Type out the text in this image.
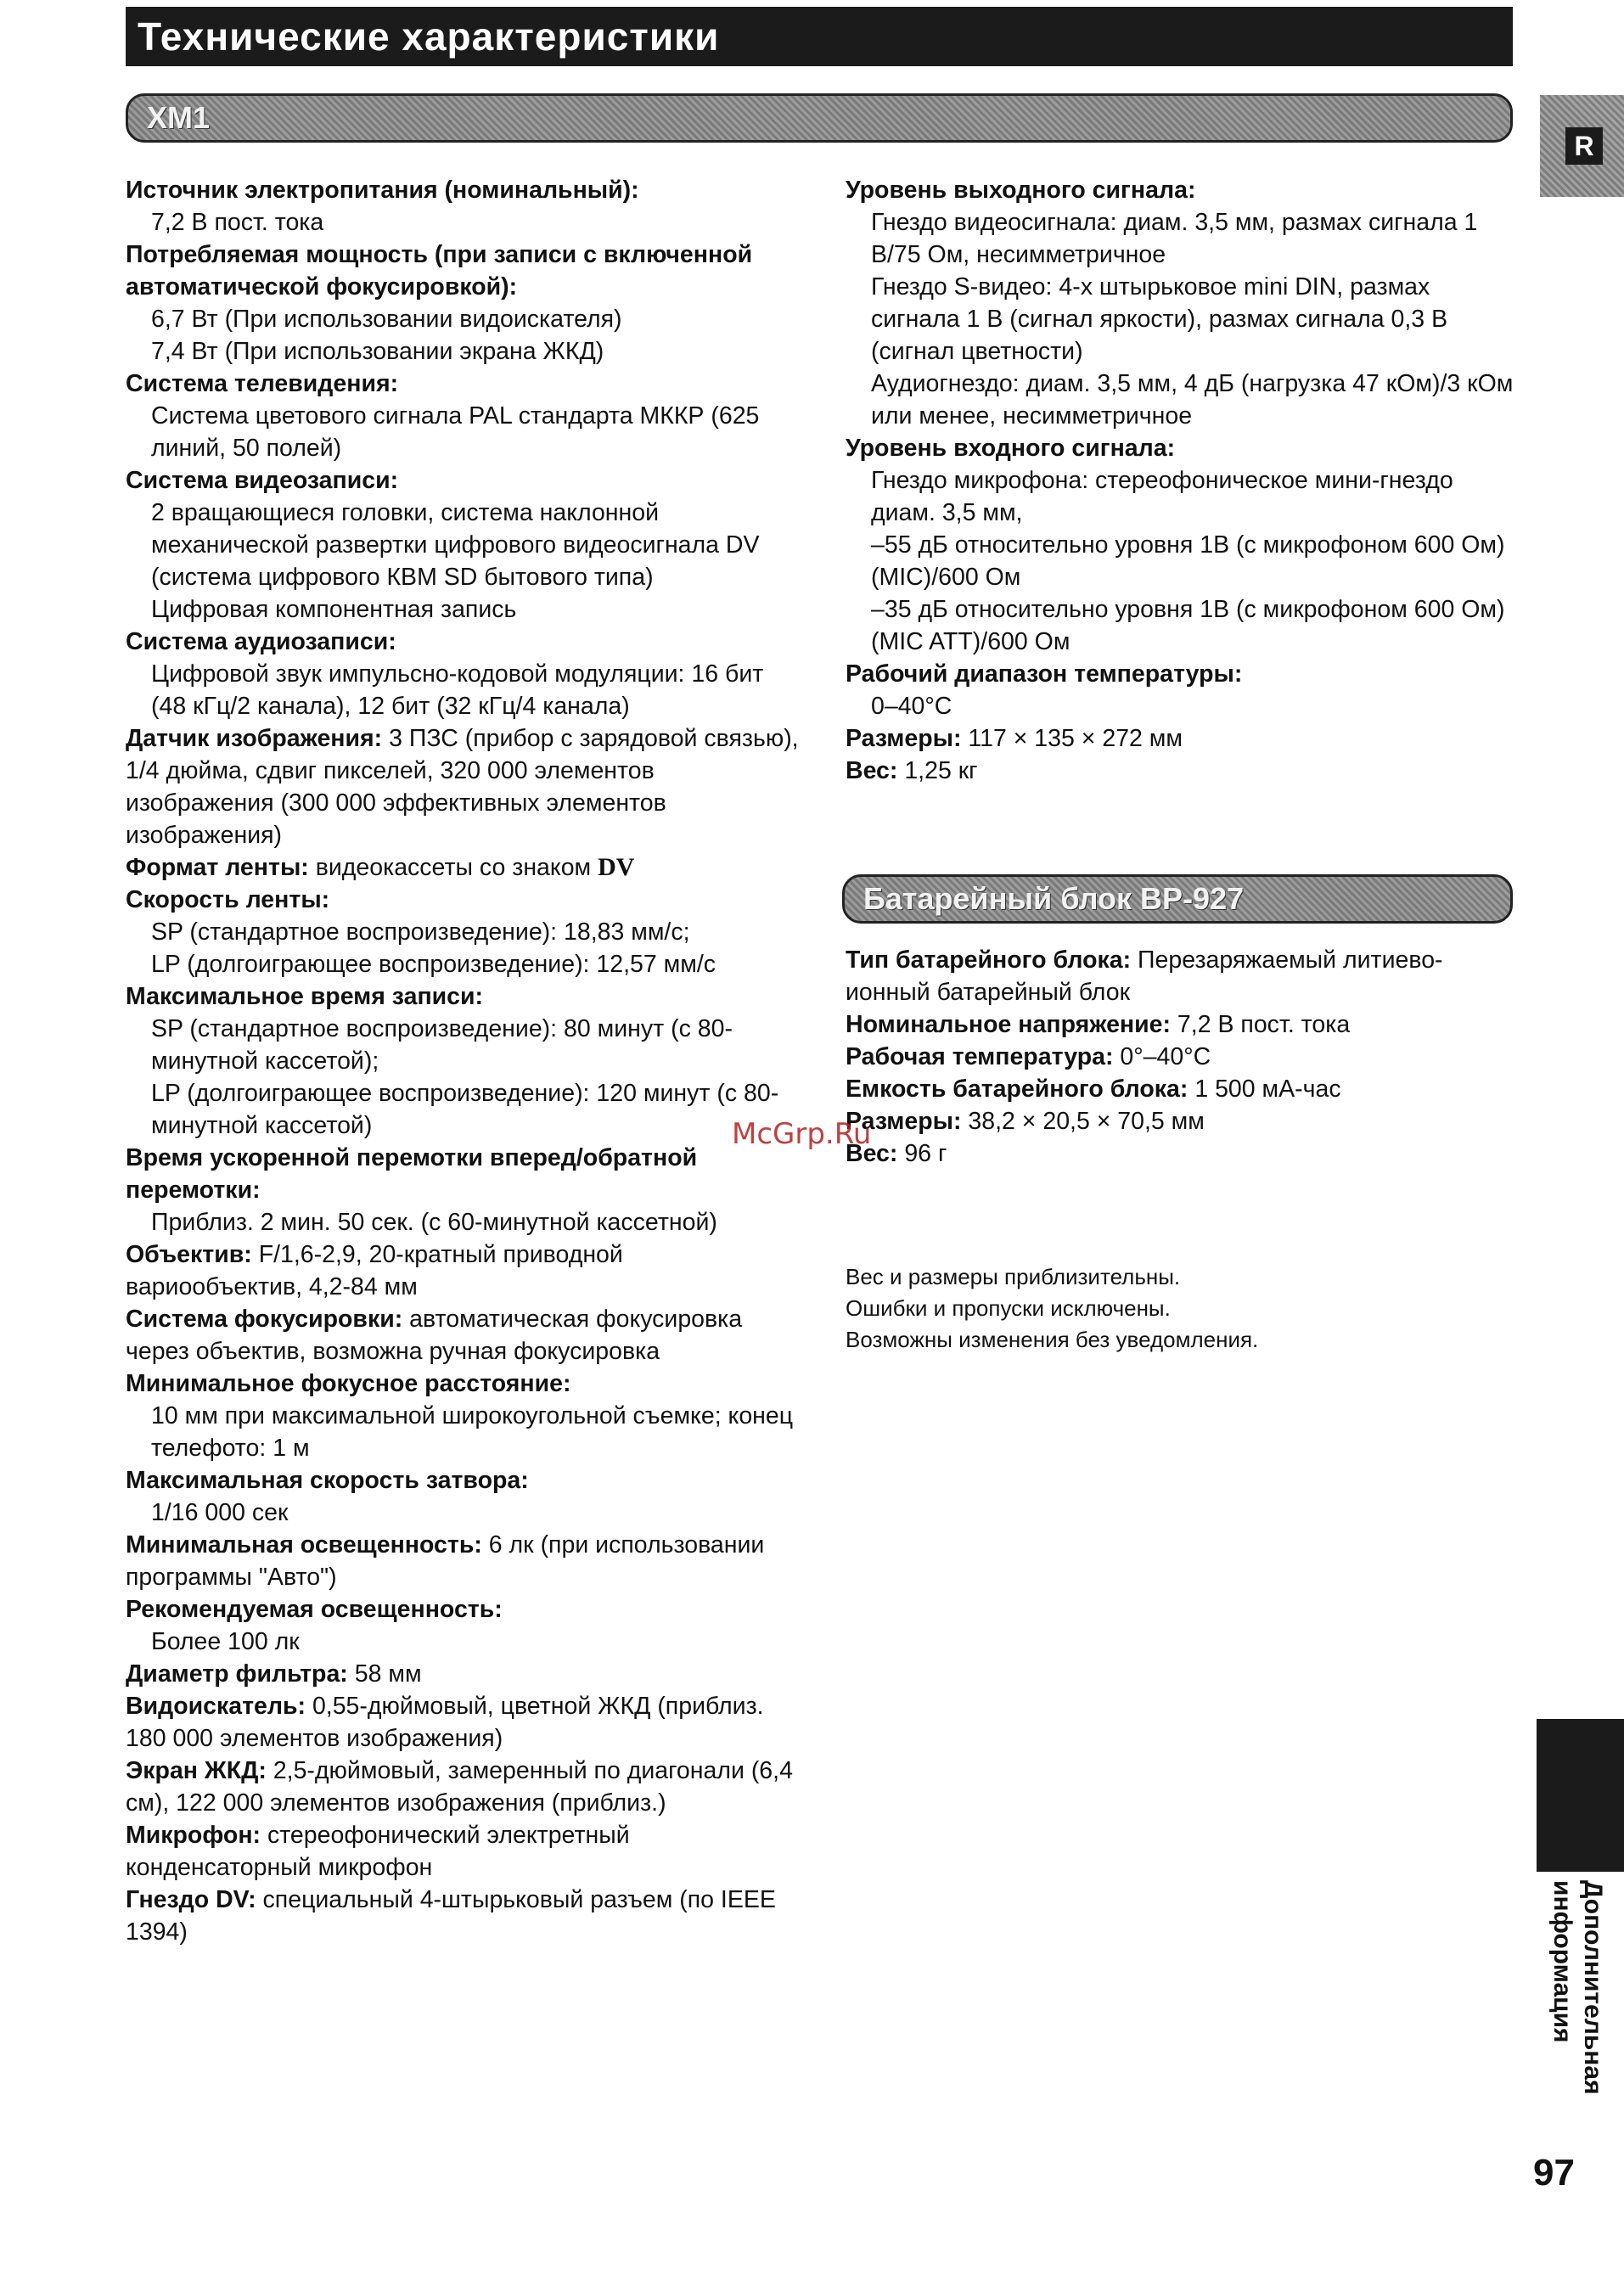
Технические характеристики
R
XM1
Источник электропитания (номинальный):
7,2 В пост. тока
Потребляемая мощность (при записи с включенной автоматической фокусировкой):
6,7 Вт (При использовании видоискателя)
7,4 Вт (При использовании экрана ЖКД)
Система телевидения:
Система цветового сигнала PAL стандарта МККР (625 линий, 50 полей)
Система видеозаписи:
2 вращающиеся головки, система наклонной механической развертки цифрового видеосигнала DV (система цифрового КВМ SD бытового типа)
Цифровая компонентная запись
Система аудиозаписи:
Цифровой звук импульсно-кодовой модуляции: 16 бит (48 кГц/2 канала), 12 бит (32 кГц/4 канала)
Датчик изображения: 3 ПЗС (прибор с зарядовой связью), 1/4 дюйма, сдвиг пикселей, 320 000 элементов изображения (300 000 эффективных элементов изображения)
Формат ленты: видеокассеты со знаком DV
Скорость ленты:
SP (стандартное воспроизведение): 18,83 мм/с;
LP (долгоиграющее воспроизведение): 12,57 мм/с
Максимальное время записи:
SP (стандартное воспроизведение): 80 минут (с 80-минутной кассетой);
LP (долгоиграющее воспроизведение): 120 минут (с 80-минутной кассетой)
Время ускоренной перемотки вперед/обратной перемотки:
Приблиз. 2 мин. 50 сек. (с 60-минутной кассетной)
Объектив: F/1,6-2,9, 20-кратный приводной вариообъектив, 4,2-84 мм
Система фокусировки: автоматическая фокусировка через объектив, возможна ручная фокусировка
Минимальное фокусное расстояние:
10 мм при максимальной широкоугольной съемке; конец телефото: 1 м
Максимальная скорость затвора:
1/16 000 сек
Минимальная освещенность: 6 лк (при использовании программы "Авто")
Рекомендуемая освещенность:
Более 100 лк
Диаметр фильтра: 58 мм
Видоискатель: 0,55-дюймовый, цветной ЖКД (приблиз. 180 000 элементов изображения)
Экран ЖКД: 2,5-дюймовый, замеренный по диагонали (6,4 см), 122 000 элементов изображения (приблиз.)
Микрофон: стереофонический электретный конденсаторный микрофон
Гнездо DV: специальный 4-штырьковый разъем (по IEEE 1394)
Уровень выходного сигнала:
Гнездо видеосигнала: диам. 3,5 мм, размах сигнала 1 В/75 Ом, несимметричное
Гнездо S-видео: 4-х штырьковое mini DIN, размах сигнала 1 В (сигнал яркости), размах сигнала 0,3 В (сигнал цветности)
Аудиогнездо: диам. 3,5 мм, 4 дБ (нагрузка 47 кОм)/3 кОм или менее, несимметричное
Уровень входного сигнала:
Гнездо микрофона: стереофоническое мини-гнездо диам. 3,5 мм,
–55 дБ относительно уровня 1В (с микрофоном 600 Ом) (MIC)/600 Ом
–35 дБ относительно уровня 1В (с микрофоном 600 Ом) (MIC ATT)/600 Ом
Рабочий диапазон температуры:
0–40°C
Размеры: 117 × 135 × 272 мм
Вес: 1,25 кг
Батарейный блок BP-927
Тип батарейного блока: Перезаряжаемый литиево-ионный батарейный блок
Номинальное напряжение: 7,2 В пост. тока
Рабочая температура: 0°–40°C
Емкость батарейного блока: 1 500 мА-час
Размеры: 38,2 × 20,5 × 70,5 мм
Вес: 96 г
Вес и размеры приблизительны.
Ошибки и пропуски исключены.
Возможны изменения без уведомления.
McGrp.Ru
Дополнительная
информация
97
